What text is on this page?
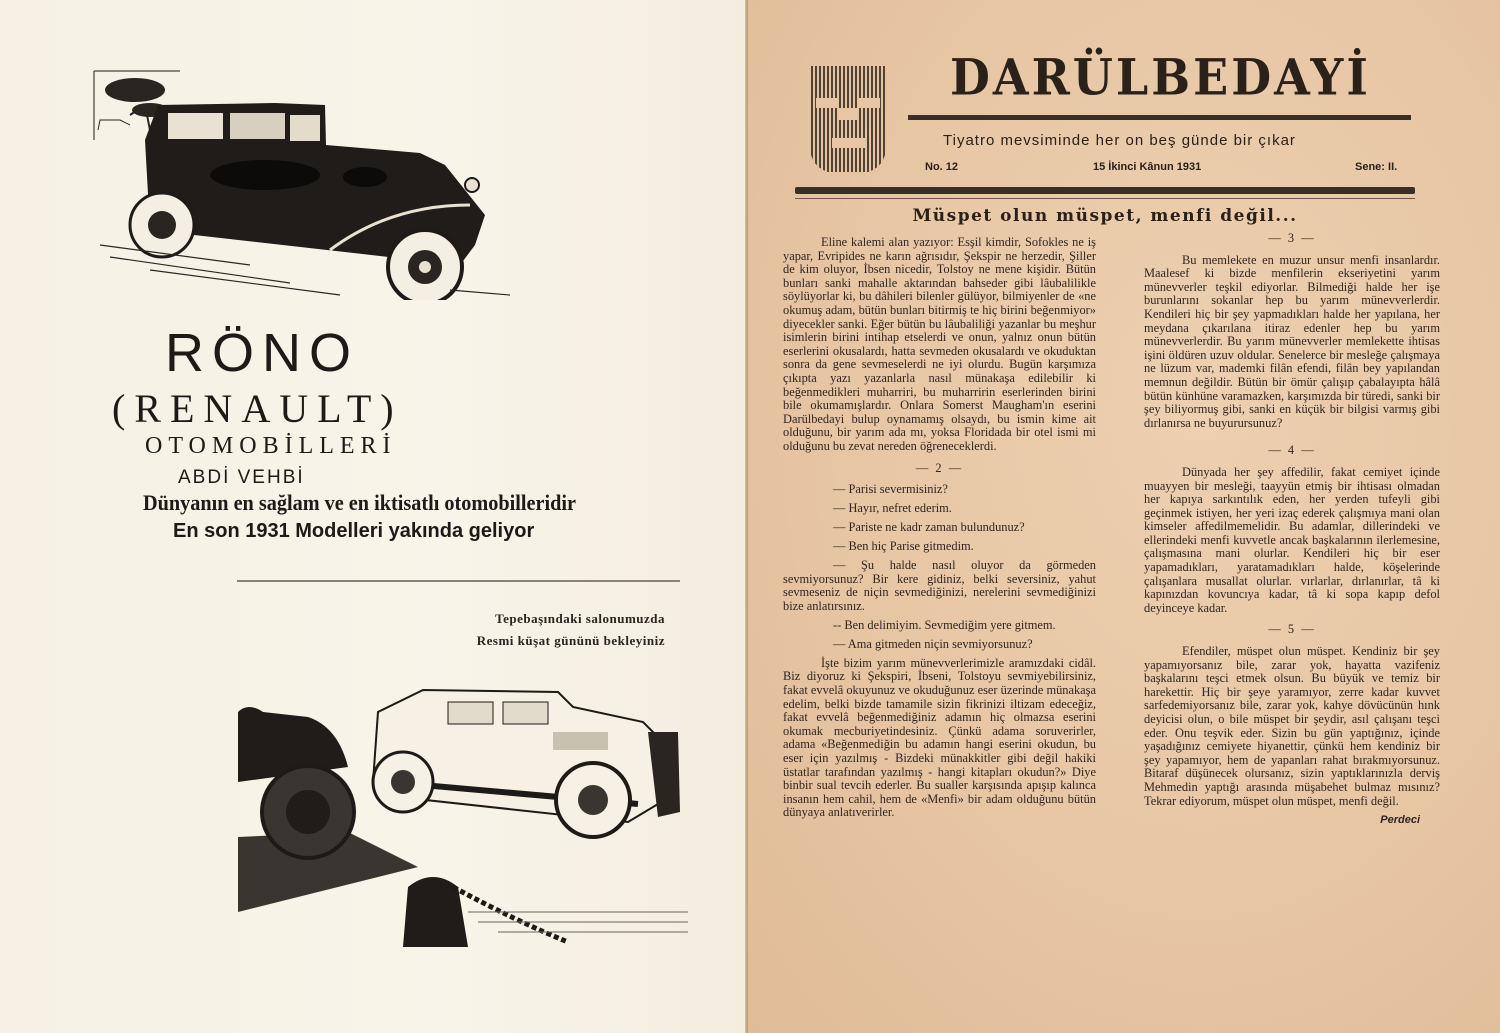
RÖNO
(RENAULT)
OTOMOBİLLERİ
ABDİ VEHBİ
Dünyanın en sağlam ve en iktisatlı otomobilleridir
En son 1931 Modelleri yakında geliyor
Tepebaşındaki salonumuzda
Resmi küşat gününü bekleyiniz
DARÜLBEDAYİ
Tiyatro mevsiminde her on beş günde bir çıkar
No. 12	15 İkinci Kânun 1931	Sene: II.
Müspet olun müspet, menfi değil...

Eline kalemi alan yazıyor: Esşil kimdir, Sofokles ne iş yapar, Evripides ne karın ağrısıdır, Şekspir ne herzedir, Şiller de kim oluyor, İbsen nicedir, Tolstoy ne mene kişidir. Bütün bunları sanki mahalle aktarından bahseder gibi lâubalilikle söylüyorlar ki, bu dâhileri bilenler gülüyor, bilmiyenler de «ne okumuş adam, bütün bunları bitirmiş te hiç birini beğenmiyor» diyecekler sanki. Eğer bütün bu lâubaliliği yazanlar bu meşhur isimlerin birini intihap etselerdi ve onun, yalnız onun bütün eserlerini okusalardı, hatta sevmeden okusalardı ve okuduktan sonra da gene sevmeselerdi ne iyi olurdu. Bugün karşımıza çıkıpta yazı yazanlarla nasıl münakaşa edilebilir ki beğenmedikleri muharriri, bu muharririn eserlerinden birini bile okumamışlardır. Onlara Somerst Maugham'ın eserini Darülbedayi bulup oynamamış olsaydı, bu ismin kime ait olduğunu, bir yarım ada mı, yoksa Floridada bir otel ismi mi olduğunu bu zevat nereden öğreneceklerdi.

— 2 —

— Parisi severmisiniz?

— Hayır, nefret ederim.

— Pariste ne kadr zaman bulundunuz?

— Ben hiç Parise gitmedim.

— Şu halde nasıl oluyor da görmeden sevmiyorsunuz? Bir kere gidiniz, belki seversiniz, yahut sevmeseniz de niçin sevmediğinizi, nerelerini sevmediğinizi bize anlatırsınız.

-- Ben delimiyim. Sevmediğim yere gitmem.

— Ama gitmeden niçin sevmiyorsunuz?

İşte bizim yarım münevverlerimizle aramızdaki cidâl. Biz diyoruz ki Şekspiri, İbseni, Tolstoyu sevmiyebilirsiniz, fakat evvelâ okuyunuz ve okuduğunuz eser üzerinde münakaşa edelim, belki bizde tamamile sizin fikrinizi iltizam edeceğiz, fakat evvelâ beğenmediğiniz adamın hiç olmazsa eserini okumak mecburiyetindesiniz. Çünkü adama soruverirler, adama «Beğenmediğin bu adamın hangi eserini okudun, bu eser için yazılmış - Bizdeki münakkitler gibi değil hakiki üstatlar tarafından yazılmış - hangi kitapları okudun?» Diye binbir sual tevcih ederler. Bu sualler karşısında apışıp kalınca insanın hem cahil, hem de «Menfi» bir adam olduğunu bütün dünyaya anlatıverirler.

— 3 —

Bu memlekete en muzur unsur menfi insanlardır. Maalesef ki bizde menfilerin ekseriyetini yarım münevverler teşkil ediyorlar. Bilmediği halde her işe burunlarını sokanlar hep bu yarım münevverlerdir. Kendileri hiç bir şey yapmadıkları halde her yapılana, her meydana çıkarılana itiraz edenler hep bu yarım münevverlerdir. Bu yarım münevverler memlekette ihtisas işini öldüren uzuv oldular. Senelerce bir mesleğe çalışmaya ne lüzum var, mademki filân efendi, filân bey yapılandan memnun değildir. Bütün bir ömür çalışıp çabalayıpta hâlâ bütün künhüne varamazken, karşımızda bir türedi, sanki bir şey biliyormuş gibi, sanki en küçük bir bilgisi varmış gibi dırlanırsa ne buyurursunuz?

— 4 —

Dünyada her şey affedilir, fakat cemiyet içinde muayyen bir mesleği, taayyün etmiş bir ihtisası olmadan her kapıya sarkıntılık eden, her yerden tufeyli gibi geçinmek istiyen, her yeri izaç ederek çalışmıya mani olan kimseler affedilmemelidir. Bu adamlar, dillerindeki ve ellerindeki menfi kuvvetle ancak başkalarının ilerlemesine, çalışmasına mani olurlar. Kendileri hiç bir eser yapamadıkları, yaratamadıkları halde, köşelerinde çalışanlara musallat olurlar. vırlarlar, dırlanırlar, tâ ki kapınızdan kovuncıya kadar, tâ ki sopa kapıp defol deyinceye kadar.

— 5 —

Efendiler, müspet olun müspet. Kendiniz bir şey yapamıyorsanız bile, zarar yok, hayatta vazifeniz başkalarını teşci etmek olsun. Bu büyük ve temiz bir harekettir. Hiç bir şeye yaramıyor, zerre kadar kuvvet sarfedemiyorsanız bile, zarar yok, kahye dövücünün hınk deyicisi olun, o bile müspet bir şeydir, asıl çalışanı teşci eder. Onu teşvik eder. Sizin bu gün yaptığınız, içinde yaşadığınız cemiyete hiyanettir, çünkü hem kendiniz bir şey yapamıyor, hem de yapanları rahat bırakmıyorsunuz. Bitaraf düşünecek olursanız, sizin yaptıklarınızla derviş Mehmedin yaptığı arasında müşabehet bulmaz mısınız? Tekrar ediyorum, müspet olun müspet, menfi değil.

Perdeci
